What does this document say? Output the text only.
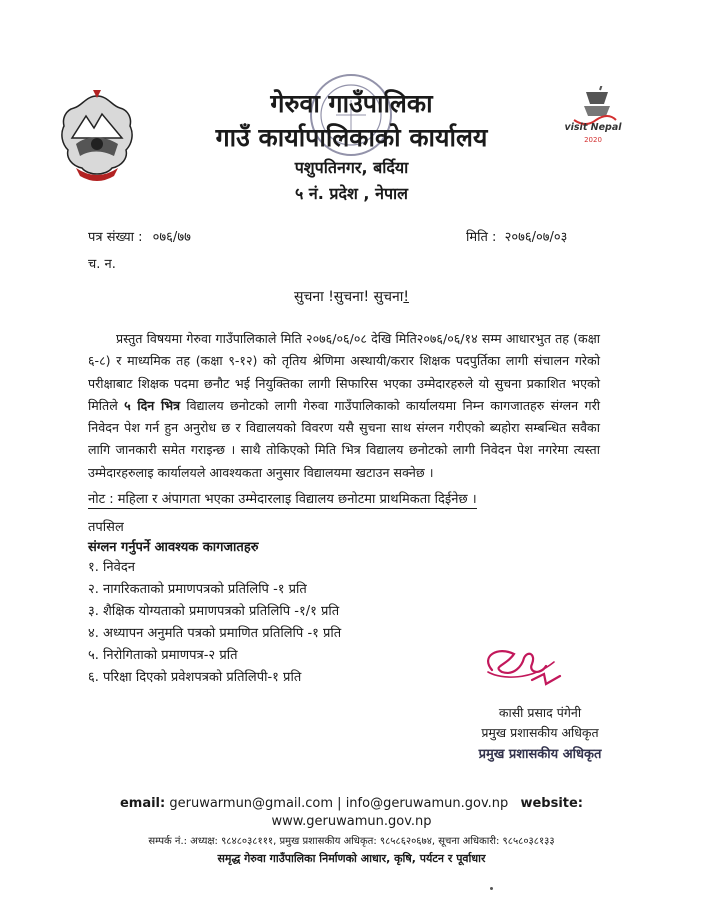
गेरुवा गाउँपालिका
गाउँ कार्यापालिकाको कार्यालय
पशुपतिनगर, बर्दिया
५ नं. प्रदेश , नेपाल
visit Nepal
2020
पत्र संख्या : ०७६/७७	मिति : २०७६/०७/०३
च. न.
सुचना !सुचना! सुचना!
प्रस्तुत विषयमा गेरुवा गाउँपालिकाले मिति २०७६/०६/०८ देखि मिति२०७६/०६/१४ सम्म आधारभुत तह (कक्षा ६-८) र माध्यमिक तह (कक्षा ९-१२) को तृतिय श्रेणिमा अस्थायी/करार शिक्षक पदपुर्तिका लागी संचालन गरेको परीक्षाबाट शिक्षक पदमा छनौट भई नियुक्तिका लागी सिफारिस भएका उम्मेदारहरुले यो सुचना प्रकाशित भएको मितिले ५ दिन भित्र विद्यालय छनोटको लागी गेरुवा गाउँपालिकाको कार्यालयमा निम्न कागजातहरु संग्लन गरी निवेदन पेश गर्न हुन अनुरोध छ र विद्यालयको विवरण यसै सुचना साथ संग्लन गरीएको ब्यहोरा सम्बन्धित सवैका लागि जानकारी समेत गराइन्छ । साथै तोकिएको मिति भित्र विद्यालय छनोटको लागी निवेदन पेश नगरेमा त्यस्ता उम्मेदारहरुलाइ कार्यालयले आवश्यकता अनुसार विद्यालयमा खटाउन सक्नेछ ।
नोट : महिला र अंपागता भएका उम्मेदारलाइ विद्यालय छनोटमा प्राथमिकता दिईनेछ ।
तपसिल
संग्लन गर्नुपर्ने आवश्यक कागजातहरु
१. निवेदन
२. नागरिकताको प्रमाणपत्रको प्रतिलिपि -१ प्रति
३. शैक्षिक योग्यताको प्रमाणपत्रको प्रतिलिपि -१/१ प्रति
४. अध्यापन अनुमति पत्रको प्रमाणित प्रतिलिपि -१ प्रति
५. निरोगिताको प्रमाणपत्र-२ प्रति
६. परिक्षा दिएको प्रवेशपत्रको प्रतिलिपी-१ प्रति
कासी प्रसाद पंगेनी
प्रमुख प्रशासकीय अधिकृत
प्रमुख प्रशासकीय अधिकृत
email: geruwarmun@gmail.com | info@geruwamun.gov.np website:
www.geruwamun.gov.np
सम्पर्क नं.: अध्यक्ष: ९८४८०३८१११, प्रमुख प्रशासकीय अधिकृत: ९८५८६२०६७४, सूचना अधिकारी: ९८५८०३८१३३
समृद्ध गेरुवा गाउँपालिका निर्माणको आधार, कृषि, पर्यटन र पूर्वाधार
